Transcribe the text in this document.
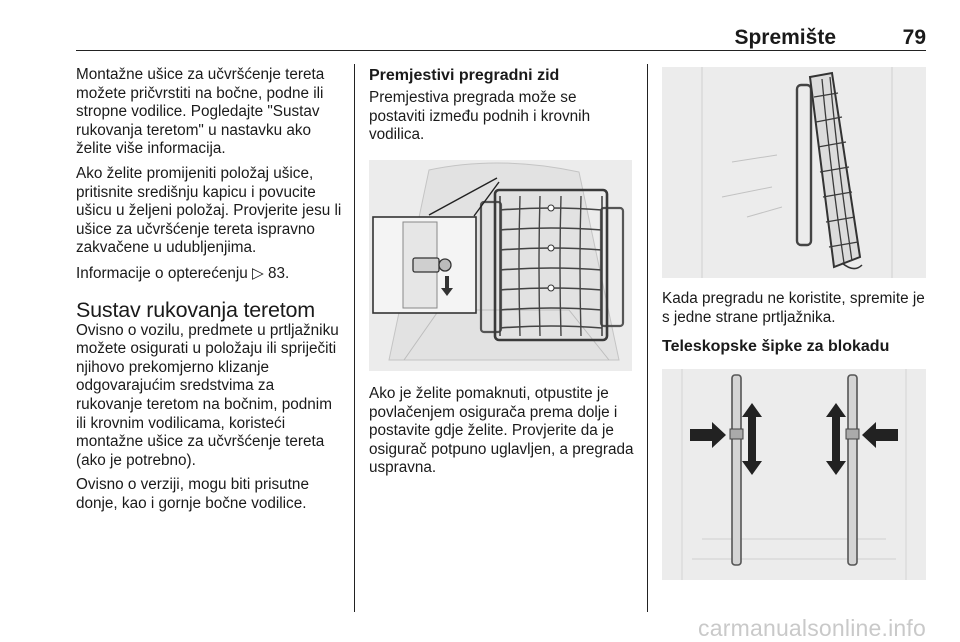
Spremište	79

Montažne ušice za učvršćenje tereta možete pričvrstiti na bočne, podne ili stropne vodilice. Pogledajte "Sustav rukovanja teretom" u nastavku ako želite više informacija.

Ako želite promijeniti položaj ušice, pritisnite središnju kapicu i povucite ušicu u željeni položaj. Provjerite jesu li ušice za učvršćenje tereta ispravno zakvačene u udubljenjima.

Informacije o opterećenju ▷ 83.

Sustav rukovanja teretom

Ovisno o vozilu, predmete u prtljažniku možete osigurati u položaju ili spriječiti njihovo prekomjerno klizanje odgovarajućim sredstvima za rukovanje teretom na bočnim, podnim ili krovnim vodilicama, koristeći montažne ušice za učvršćenje tereta (ako je potrebno).

Ovisno o verziji, mogu biti prisutne donje, kao i gornje bočne vodilice.

Premjestivi pregradni zid

Premjestiva pregrada može se postaviti između podnih i krovnih vodilica.

Ako je želite pomaknuti, otpustite je povlačenjem osigurača prema dolje i postavite gdje želite. Provjerite da je osigurač potpuno uglavljen, a pregrada uspravna.

Kada pregradu ne koristite, spremite je s jedne strane prtljažnika.

Teleskopske šipke za blokadu
carmanualsonline.info
